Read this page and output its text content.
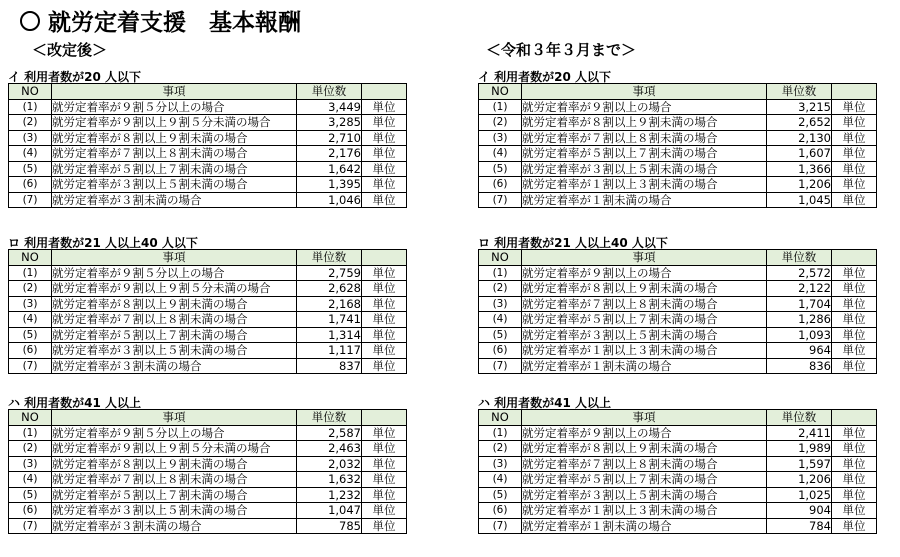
就労定着支援　基本報酬
＜改定後＞
イ 利用者数が20 人以下
NO	事項	単位数	
(1)	就労定着率が９割５分以上の場合	3,449	単位
(2)	就労定着率が９割以上９割５分未満の場合	3,285	単位
(3)	就労定着率が８割以上９割未満の場合	2,710	単位
(4)	就労定着率が７割以上８割未満の場合	2,176	単位
(5)	就労定着率が５割以上７割未満の場合	1,642	単位
(6)	就労定着率が３割以上５割未満の場合	1,395	単位
(7)	就労定着率が３割未満の場合	1,046	単位
ロ 利用者数が21 人以上40 人以下
NO	事項	単位数	
(1)	就労定着率が９割５分以上の場合	2,759	単位
(2)	就労定着率が９割以上９割５分未満の場合	2,628	単位
(3)	就労定着率が８割以上９割未満の場合	2,168	単位
(4)	就労定着率が７割以上８割未満の場合	1,741	単位
(5)	就労定着率が５割以上７割未満の場合	1,314	単位
(6)	就労定着率が３割以上５割未満の場合	1,117	単位
(7)	就労定着率が３割未満の場合	837	単位
ハ 利用者数が41 人以上
NO	事項	単位数	
(1)	就労定着率が９割５分以上の場合	2,587	単位
(2)	就労定着率が９割以上９割５分未満の場合	2,463	単位
(3)	就労定着率が８割以上９割未満の場合	2,032	単位
(4)	就労定着率が７割以上８割未満の場合	1,632	単位
(5)	就労定着率が５割以上７割未満の場合	1,232	単位
(6)	就労定着率が３割以上５割未満の場合	1,047	単位
(7)	就労定着率が３割未満の場合	785	単位
＜令和３年３月まで＞
イ 利用者数が20 人以下
NO	事項	単位数	
(1)	就労定着率が９割以上の場合	3,215	単位
(2)	就労定着率が８割以上９割未満の場合	2,652	単位
(3)	就労定着率が７割以上８割未満の場合	2,130	単位
(4)	就労定着率が５割以上７割未満の場合	1,607	単位
(5)	就労定着率が３割以上５割未満の場合	1,366	単位
(6)	就労定着率が１割以上３割未満の場合	1,206	単位
(7)	就労定着率が１割未満の場合	1,045	単位
ロ 利用者数が21 人以上40 人以下
NO	事項	単位数	
(1)	就労定着率が９割以上の場合	2,572	単位
(2)	就労定着率が８割以上９割未満の場合	2,122	単位
(3)	就労定着率が７割以上８割未満の場合	1,704	単位
(4)	就労定着率が５割以上７割未満の場合	1,286	単位
(5)	就労定着率が３割以上５割未満の場合	1,093	単位
(6)	就労定着率が１割以上３割未満の場合	964	単位
(7)	就労定着率が１割未満の場合	836	単位
ハ 利用者数が41 人以上
NO	事項	単位数	
(1)	就労定着率が９割以上の場合	2,411	単位
(2)	就労定着率が８割以上９割未満の場合	1,989	単位
(3)	就労定着率が７割以上８割未満の場合	1,597	単位
(4)	就労定着率が５割以上７割未満の場合	1,206	単位
(5)	就労定着率が３割以上５割未満の場合	1,025	単位
(6)	就労定着率が１割以上３割未満の場合	904	単位
(7)	就労定着率が１割未満の場合	784	単位
